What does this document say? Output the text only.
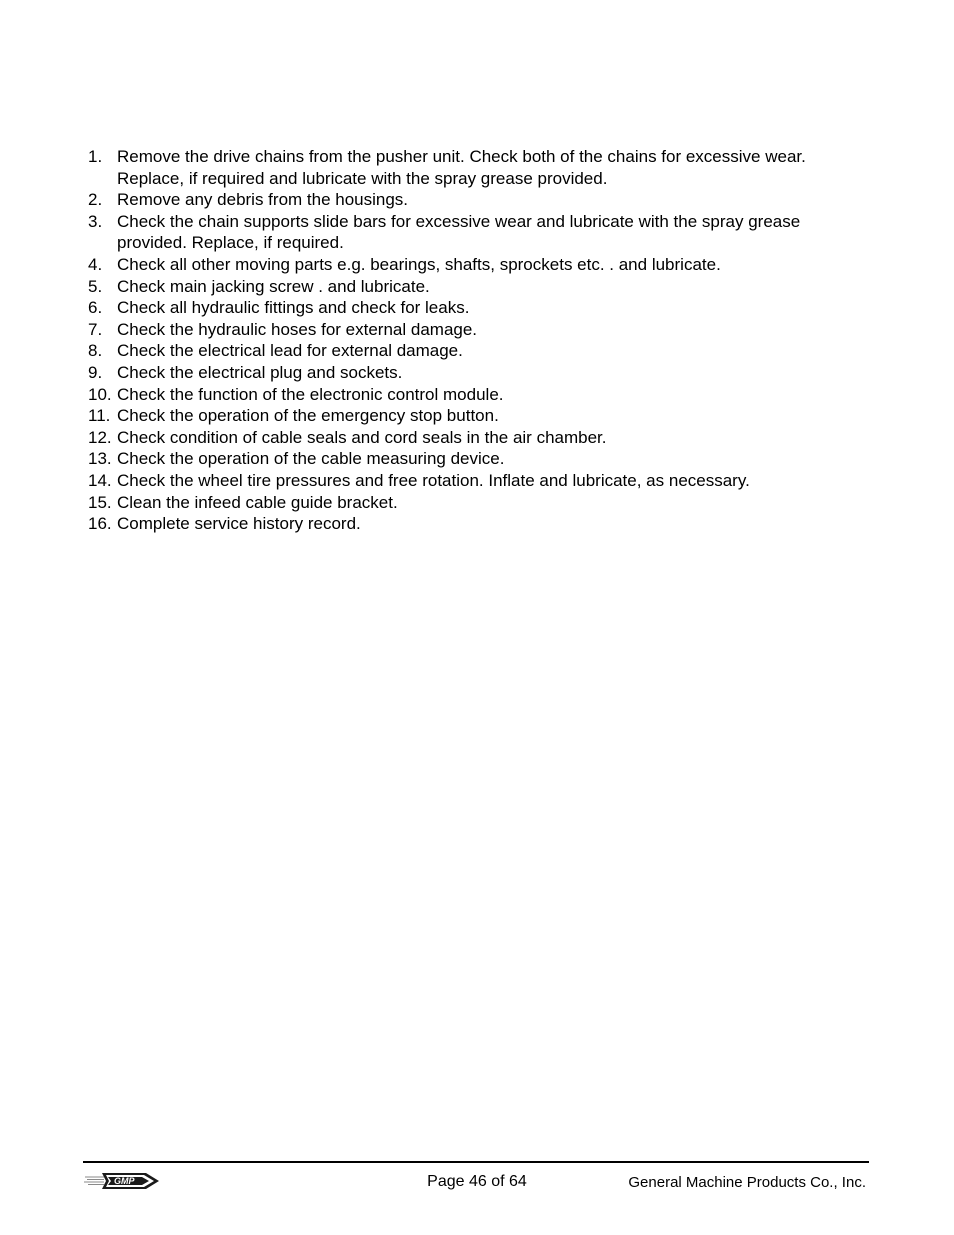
1. Remove the drive chains from the pusher unit. Check both of the chains for excessive wear. Replace, if required and lubricate with the spray grease provided.
2. Remove any debris from the housings.
3. Check the chain supports slide bars for excessive wear and lubricate with the spray grease provided. Replace, if required.
4. Check all other moving parts e.g. bearings, shafts, sprockets etc. . and lubricate.
5. Check main jacking screw . and lubricate.
6. Check all hydraulic fittings and check for leaks.
7. Check the hydraulic hoses for external damage.
8. Check the electrical lead for external damage.
9. Check the electrical plug and sockets.
10. Check the function of the electronic control module.
11. Check the operation of the emergency stop button.
12. Check condition of cable seals and cord seals in the air chamber.
13. Check the operation of the cable measuring device.
14. Check the wheel tire pressures and free rotation. Inflate and lubricate, as necessary.
15. Clean the infeed cable guide bracket.
16. Complete service history record.
GMP	Page 46 of 64	General Machine Products Co., Inc.
